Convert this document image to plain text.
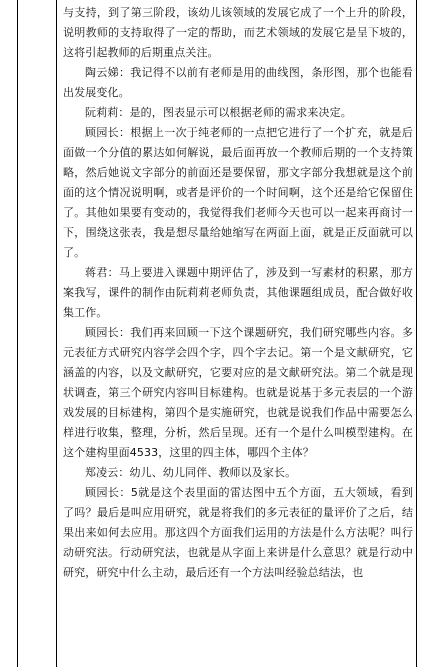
与支持，到了第三阶段，该幼儿该领域的发展它成了一个上升的阶段，说明教师的支持取得了一定的帮助，而艺术领域的发展它是呈下坡的，这将引起教师的后期重点关注。

陶云娣：我记得不以前有老师是用的曲线图，条形图，那个也能看出发展变化。

阮莉莉：是的，图表显示可以根据老师的需求来决定。

顾园长：根据上一次于纯老师的一点把它进行了一个扩充，就是后面做一个分值的累达如何解说，最后面再放一个教师后期的一个支持策略，然后她说文字部分的前面还是要保留，那文字部分我想就是这个前面的这个情况说明啊，或者是评价的一个时间啊，这个还是给它保留住了。其他如果要有变动的，我觉得我们老师今天也可以一起来再商讨一下，围绕这张表，我是想尽量给她缩写在两面上面，就是正反面就可以了。

蒋君：马上要进入课题中期评估了，涉及到一写素材的积累，那方案我写，课件的制作由阮莉莉老师负责，其他课题组成员，配合做好收集工作。

顾园长：我们再来回顾一下这个课题研究，我们研究哪些内容。多元表征方式研究内容学会四个字，四个字去记。第一个是文献研究，它涵盖的内容，以及文献研究，它要对应的是文献研究法。第二个就是现状调查，第三个研究内容叫目标建构。也就是说基于多元表层的一个游戏发展的目标建构，第四个是实施研究，也就是说我们作品中需要怎么样进行收集，整理，分析，然后呈现。还有一个是什么叫模型建构。在这个建构里面4533，这里的四主体，哪四个主体？

郑凌云：幼儿、幼儿同伴、教师以及家长。

顾园长：5就是这个表里面的雷达图中五个方面，五大领域，看到了吗？最后是叫应用研究，就是将我们的多元表征的量评价了之后，结果出来如何去应用。那这四个方面我们运用的方法是什么方法呢？叫行动研究法。行动研究法，也就是从字面上来讲是什么意思？就是行动中研究，研究中什么主动，最后还有一个方法叫经验总结法，也
